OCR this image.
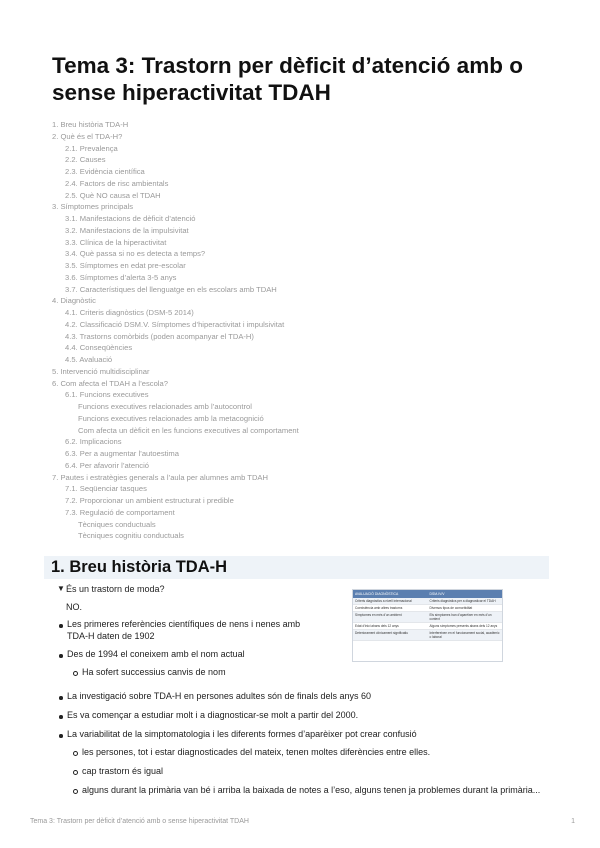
Tema 3: Trastorn per dèficit d’atenció amb o sense hiperactivitat TDAH
1. Breu història TDA-H
2. Què és el TDA-H?
2.1. Prevalença
2.2. Causes
2.3. Evidència científica
2.4. Factors de risc ambientals
2.5. Què NO causa el TDAH
3. Símptomes principals
3.1. Manifestacions de dèficit d’atenció
3.2. Manifestacions de la impulsivitat
3.3. Clínica de la hiperactivitat
3.4. Què passa si no es detecta a temps?
3.5. Símptomes en edat pre-escolar
3.6. Símptomes d’alerta 3-5 anys
3.7. Característiques del llenguatge en els escolars amb TDAH
4. Diagnòstic
4.1. Criteris diagnòstics (DSM-5 2014)
4.2. Classificació DSM.V. Símptomes d’hiperactivitat i impulsivitat
4.3. Trastorns comòrbids (poden acompanyar el TDA-H)
4.4. Conseqüències
4.5. Avaluació
5. Intervenció multidisciplinar
6. Com afecta el TDAH a l’escola?
6.1. Funcions executives
Funcions executives relacionades amb l’autocontrol
Funcions executives relacionades amb la metacognició
Com afecta un dèficit en les funcions executives al comportament
6.2. Implicacions
6.3. Per a augmentar l’autoestima
6.4. Per afavorir l’atenció
7. Pautes i estratègies generals a l’aula per alumnes amb TDAH
7.1. Seqüenciar tasques
7.2. Proporcionar un ambient estructurat i predible
7.3. Regulació de comportament
Tècniques conductuals
Tècniques cognitiu conductuals
1. Breu història TDA-H
▼ És un trastorn de moda?
NO.
Les primeres referències científiques de nens i nenes amb
TDA-H daten de 1902
Des de 1994 el coneixem amb el nom actual
Ha sofert successius canvis de nom
La investigació sobre TDA-H en persones adultes són de finals dels anys 60
Es va començar a estudiar molt i a diagnosticar-se molt a partir del 2000.
La variabilitat de la simptomatologia i les diferents formes d’aparèixer pot crear confusió
les persones, tot i estar diagnosticades del mateix, tenen moltes diferències entre elles.
cap trastorn és igual
alguns durant la primària van bé i arriba la baixada de notes a l’eso, alguns tenen ja problemes durant la primària...
AVALUACIÓ DIAGNÒSTICA	DSM-IV/V
Criteris diagnòstics a nivell internacional	Criteris diagnòstics per a diagnosticar el TDAH
Coexistència amb altres trastorns	Diversos tipus de comorbiditat
Símptomes en més d’un ambient	Els símptomes han d’aparèixer en més d’un context
Edat d’inici abans dels 12 anys	Alguns símptomes presents abans dels 12 anys
Deteriorament clínicament significatiu	Interfereixen en el funcionament social, acadèmic o laboral
Tema 3: Trastorn per dèficit d’atenció amb o sense hiperactivitat TDAH	1
